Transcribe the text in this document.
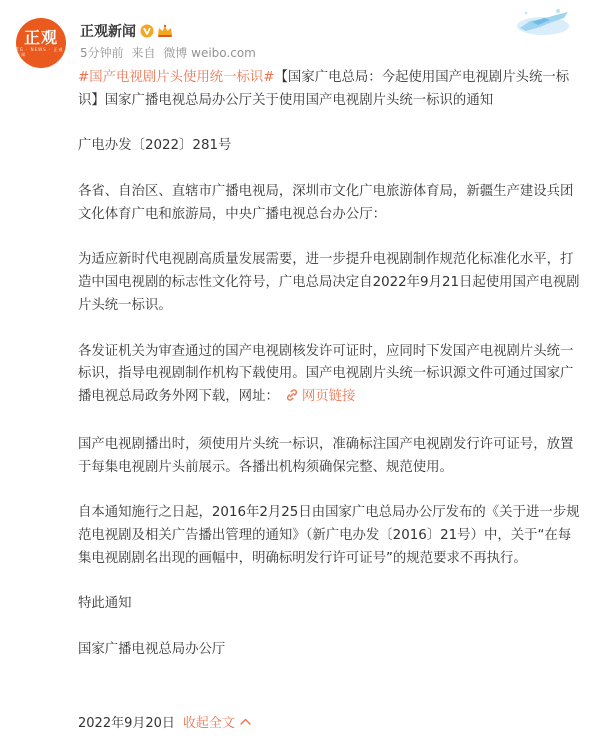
正观
ZG · NEWS · 正观新闻
正观新闻
5分钟前 来自 微博 weibo.com

#国产电视剧片头使用统一标识#【国家广电总局：今起使用国产电视剧片头统一标识】国家广播电视总局办公厅关于使用国产电视剧片头统一标识的通知

广电办发〔2022〕281号

各省、自治区、直辖市广播电视局，深圳市文化广电旅游体育局，新疆生产建设兵团文化体育广电和旅游局，中央广播电视总台办公厅：

为适应新时代电视剧高质量发展需要，进一步提升电视剧制作规范化标准化水平，打造中国电视剧的标志性文化符号，广电总局决定自2022年9月21日起使用国产电视剧片头统一标识。

各发证机关为审查通过的国产电视剧核发许可证时，应同时下发国产电视剧片头统一标识，指导电视剧制作机构下载使用。国产电视剧片头统一标识源文件可通过国家广播电视总局政务外网下载，网址： 网页链接

国产电视剧播出时，须使用片头统一标识，准确标注国产电视剧发行许可证号，放置于每集电视剧片头前展示。各播出机构须确保完整、规范使用。

自本通知施行之日起，2016年2月25日由国家广电总局办公厅发布的《关于进一步规范电视剧及相关广告播出管理的通知》（新广电办发〔2016〕21号）中，关于“在每集电视剧剧名出现的画幅中，明确标明发行许可证号”的规范要求不再执行。

特此通知

国家广播电视总局办公厅

2022年9月20日 收起全文
